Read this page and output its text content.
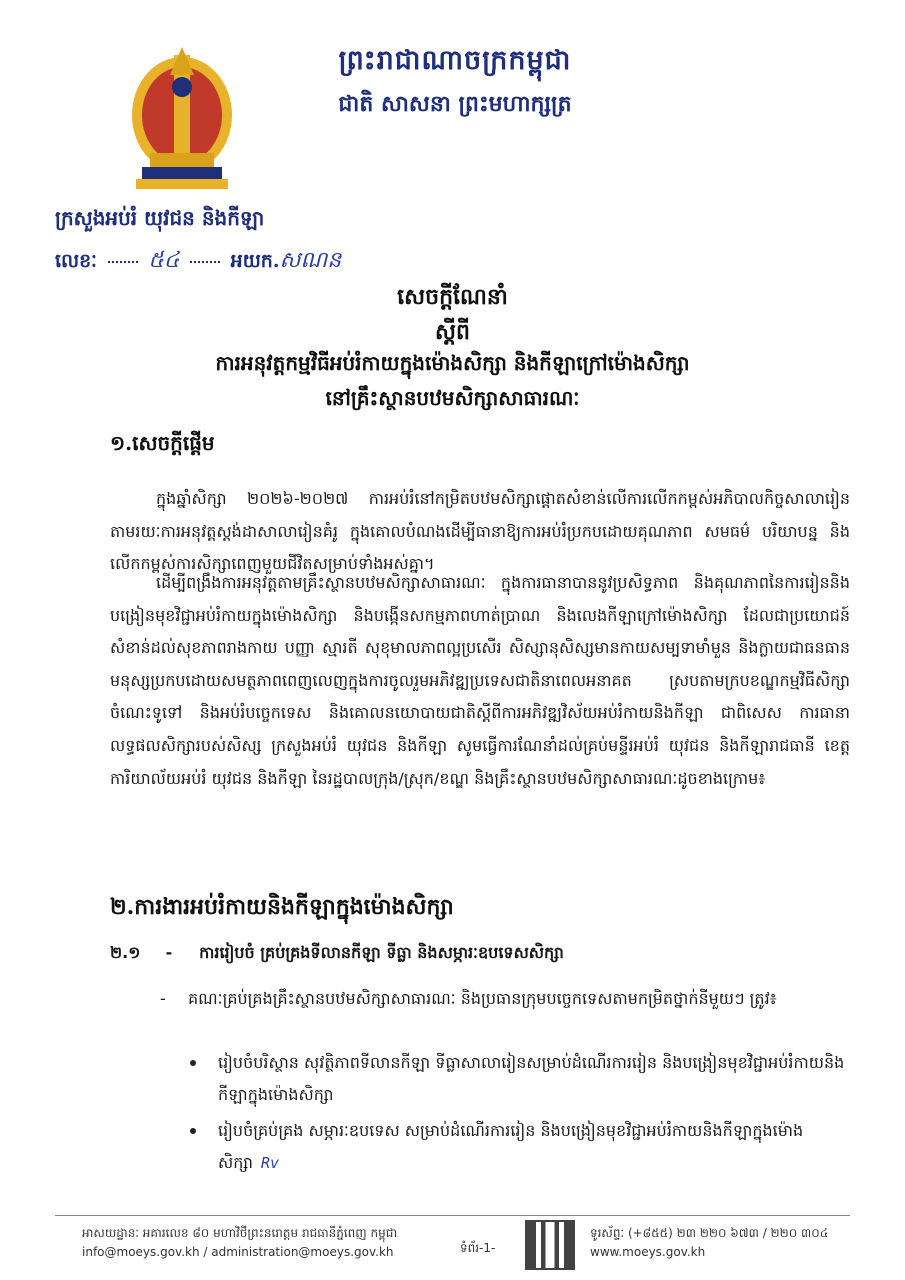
ព្រះរាជាណាចក្រកម្ពុជា
ជាតិ សាសនា ព្រះមហាក្សត្រ
ក្រសួងអប់រំ យុវជន និងកីឡា
លេខៈ ៥៤	អយក.សណន
សេចក្តីណែនាំ
ស្តីពី
ការអនុវត្តកម្មវិធីអប់រំកាយក្នុងម៉ោងសិក្សា និងកីឡាក្រៅម៉ោងសិក្សា
នៅគ្រឹះស្ថានបឋមសិក្សាសាធារណៈ
១.សេចក្តីផ្តើម
ក្នុងឆ្នាំសិក្សា ២០២៦-២០២៧ ការអប់រំនៅកម្រិតបឋមសិក្សាផ្តោតសំខាន់លើការលើកកម្ពស់អភិបាលកិច្ចសាលារៀន តាមរយៈការអនុវត្តស្តង់ដាសាលារៀនគំរូ ក្នុងគោលបំណងដើម្បីធានាឱ្យការអប់រំប្រកបដោយគុណភាព សមធម៌ បរិយាបន្ន និងលើកកម្ពស់ការសិក្សាពេញមួយជីវិតសម្រាប់ទាំងអស់គ្នា។
ដើម្បីពង្រឹងការអនុវត្តតាមគ្រឹះស្ថានបឋមសិក្សាសាធារណៈ ក្នុងការធានាបាននូវប្រសិទ្ធភាព និងគុណភាពនៃការរៀននិងបង្រៀនមុខវិជ្ជាអប់រំកាយក្នុងម៉ោងសិក្សា និងបង្កើនសកម្មភាពហាត់ប្រាណ និងលេងកីឡាក្រៅម៉ោងសិក្សា ដែលជាប្រយោជន៍សំខាន់ដល់សុខភាពរាងកាយ បញ្ញា ស្មារតី សុខុមាលភាពល្អប្រសើរ សិស្សានុសិស្សមានកាយសម្បទាមាំមួន និងក្លាយជាធនធានមនុស្សប្រកបដោយសមត្ថភាពពេញលេញក្នុងការចូលរួមអភិវឌ្ឍប្រទេសជាតិនាពេលអនាគត ស្របតាមក្របខណ្ឌកម្មវិធីសិក្សាចំណេះទូទៅ និងអប់រំបច្ចេកទេស និងគោលនយោបាយជាតិស្តីពីការអភិវឌ្ឍវិស័យអប់រំកាយនិងកីឡា ជាពិសេស ការធានាលទ្ធផលសិក្សារបស់សិស្ស ក្រសួងអប់រំ យុវជន និងកីឡា សូមធ្វើការណែនាំដល់គ្រប់មន្ទីរអប់រំ យុវជន និងកីឡារាជធានី ខេត្ត ការិយាល័យអប់រំ យុវជន និងកីឡា នៃរដ្ឋបាលក្រុង/ស្រុក/ខណ្ឌ និងគ្រឹះស្ថានបឋមសិក្សាសាធារណៈដូចខាងក្រោម៖
២.ការងារអប់រំកាយនិងកីឡាក្នុងម៉ោងសិក្សា
២.១ - ការរៀបចំ គ្រប់គ្រងទីលានកីឡា ទីធ្លា និងសម្ភារៈឧបទេសសិក្សា
- គណៈគ្រប់គ្រងគ្រឹះស្ថានបឋមសិក្សាសាធារណៈ និងប្រធានក្រុមបច្ចេកទេសតាមកម្រិតថ្នាក់នីមួយៗ ត្រូវ៖
រៀបចំបរិស្ថាន សុវត្ថិភាពទីលានកីឡា ទីធ្លាសាលារៀនសម្រាប់ដំណើរការរៀន និងបង្រៀនមុខវិជ្ជាអប់រំកាយនិងកីឡាក្នុងម៉ោងសិក្សា
រៀបចំគ្រប់គ្រង សម្ភារៈឧបទេស សម្រាប់ដំណើរការរៀន និងបង្រៀនមុខវិជ្ជាអប់រំកាយនិងកីឡាក្នុងម៉ោងសិក្សា Rv
អាសយដ្ឋានៈ អគារលេខ ៨០ មហាវិថីព្រះនរោត្តម រាជធានីភ្នំពេញ កម្ពុជា
info@moeys.gov.kh / administration@moeys.gov.kh	ទំព័រ-1-
ទូរស័ព្ទៈ (+៨៥៥) ២៣ ២២០ ៦៧៣ / ២២០ ៣០៤
www.moeys.gov.kh
